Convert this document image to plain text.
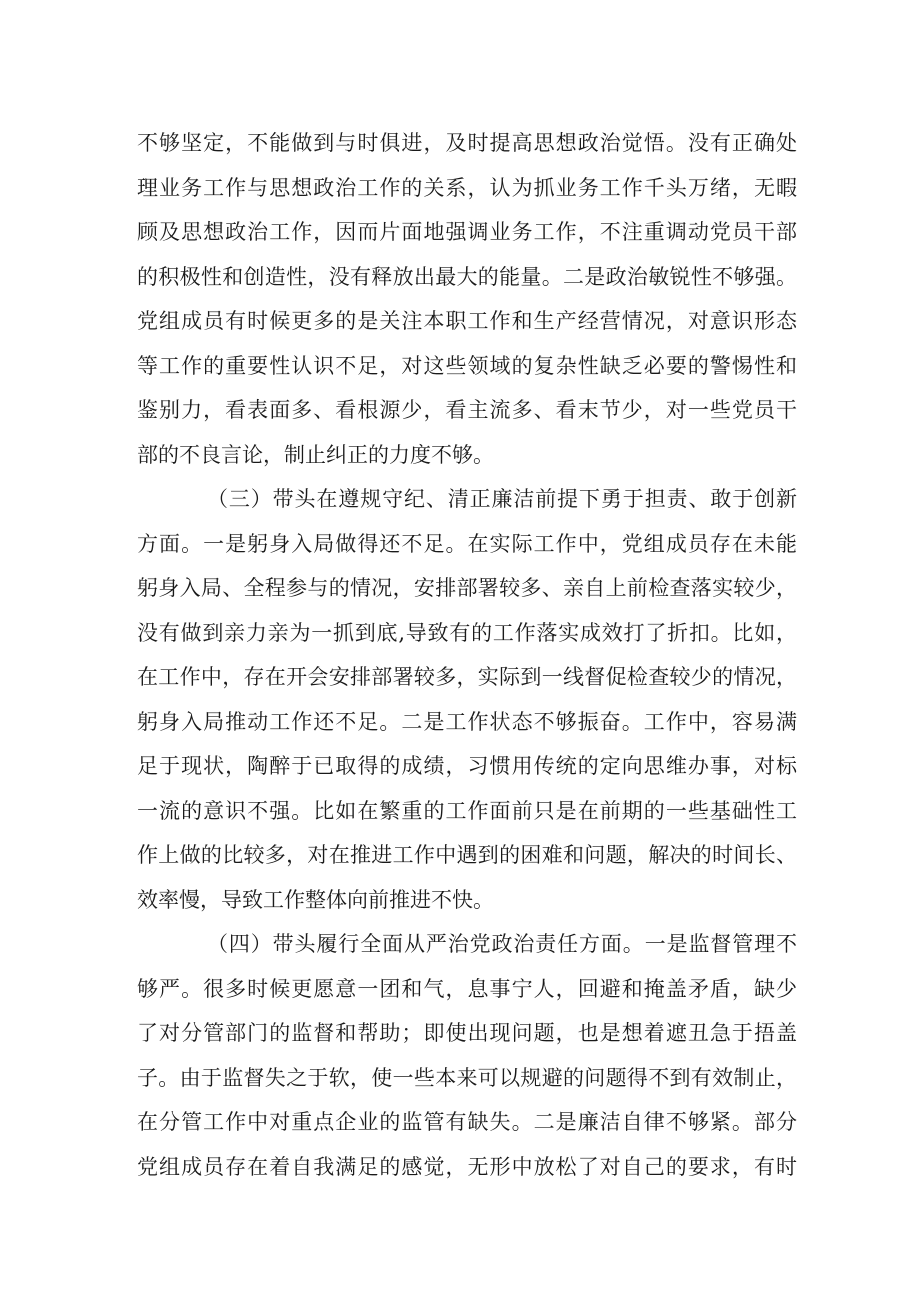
不够坚定，不能做到与时俱进，及时提高思想政治觉悟。没有正确处
理业务工作与思想政治工作的关系，认为抓业务工作千头万绪，无暇
顾及思想政治工作，因而片面地强调业务工作，不注重调动党员干部
的积极性和创造性，没有释放出最大的能量。二是政治敏锐性不够强。
党组成员有时候更多的是关注本职工作和生产经营情况，对意识形态
等工作的重要性认识不足，对这些领域的复杂性缺乏必要的警惕性和
鉴别力，看表面多、看根源少，看主流多、看末节少，对一些党员干
部的不良言论，制止纠正的力度不够。
（三）带头在遵规守纪、清正廉洁前提下勇于担责、敢于创新
方面。一是躬身入局做得还不足。在实际工作中，党组成员存在未能
躬身入局、全程参与的情况，安排部署较多、亲自上前检查落实较少，
没有做到亲力亲为一抓到底,导致有的工作落实成效打了折扣。比如，
在工作中，存在开会安排部署较多，实际到一线督促检查较少的情况，
躬身入局推动工作还不足。二是工作状态不够振奋。工作中，容易满
足于现状，陶醉于已取得的成绩，习惯用传统的定向思维办事，对标
一流的意识不强。比如在繁重的工作面前只是在前期的一些基础性工
作上做的比较多，对在推进工作中遇到的困难和问题，解决的时间长、
效率慢，导致工作整体向前推进不快。
（四）带头履行全面从严治党政治责任方面。一是监督管理不
够严。很多时候更愿意一团和气，息事宁人，回避和掩盖矛盾，缺少
了对分管部门的监督和帮助；即使出现问题，也是想着遮丑急于捂盖
子。由于监督失之于软，使一些本来可以规避的问题得不到有效制止，
在分管工作中对重点企业的监管有缺失。二是廉洁自律不够紧。部分
党组成员存在着自我满足的感觉，无形中放松了对自己的要求，有时
